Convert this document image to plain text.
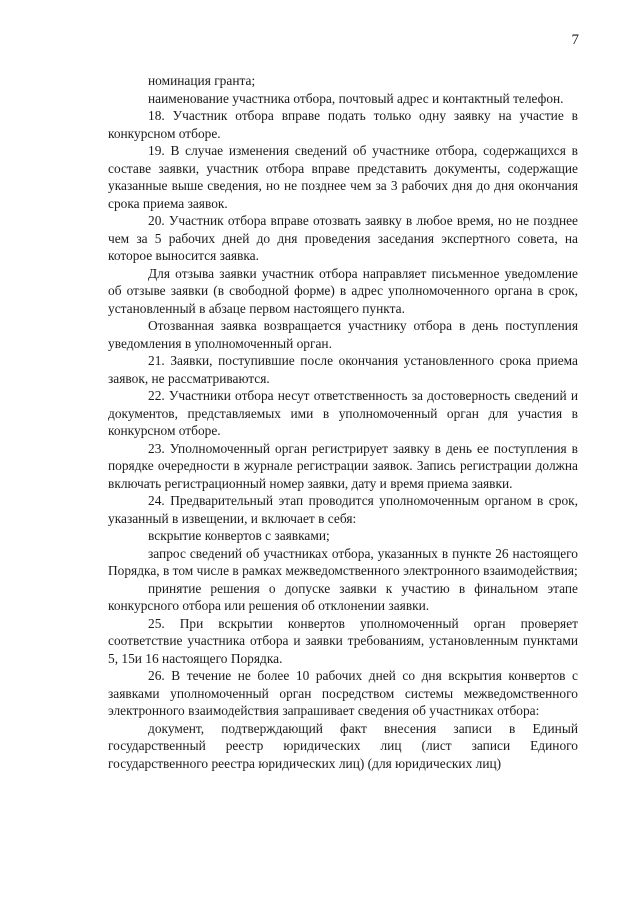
7

номинация гранта;

наименование участника отбора, почтовый адрес и контактный телефон.

18. Участник отбора вправе подать только одну заявку на участие в конкурсном отборе.

19. В случае изменения сведений об участнике отбора, содержащихся в составе заявки, участник отбора вправе представить документы, содержащие указанные выше сведения, но не позднее чем за 3 рабочих дня до дня окончания срока приема заявок.

20. Участник отбора вправе отозвать заявку в любое время, но не позднее чем за 5 рабочих дней до дня проведения заседания экспертного совета, на которое выносится заявка.

Для отзыва заявки участник отбора направляет письменное уведомление об отзыве заявки (в свободной форме) в адрес уполномоченного органа в срок, установленный в абзаце первом настоящего пункта.

Отозванная заявка возвращается участнику отбора в день поступления уведомления в уполномоченный орган.

21. Заявки, поступившие после окончания установленного срока приема заявок, не рассматриваются.

22. Участники отбора несут ответственность за достоверность сведений и документов, представляемых ими в уполномоченный орган для участия в конкурсном отборе.

23. Уполномоченный орган регистрирует заявку в день ее поступления в порядке очередности в журнале регистрации заявок. Запись регистрации должна включать регистрационный номер заявки, дату и время приема заявки.

24. Предварительный этап проводится уполномоченным органом в срок, указанный в извещении, и включает в себя:

вскрытие конвертов с заявками;

запрос сведений об участниках отбора, указанных в пункте 26 настоящего Порядка, в том числе в рамках межведомственного электронного взаимодействия;

принятие решения о допуске заявки к участию в финальном этапе конкурсного отбора или решения об отклонении заявки.

25. При вскрытии конвертов уполномоченный орган проверяет соответствие участника отбора и заявки требованиям, установленным пунктами 5, 15и 16 настоящего Порядка.

26. В течение не более 10 рабочих дней со дня вскрытия конвертов с заявками уполномоченный орган посредством системы межведомственного электронного взаимодействия запрашивает сведения об участниках отбора:

документ, подтверждающий факт внесения записи в Единый государственный реестр юридических лиц (лист записи Единого государственного реестра юридических лиц) (для юридических лиц)
